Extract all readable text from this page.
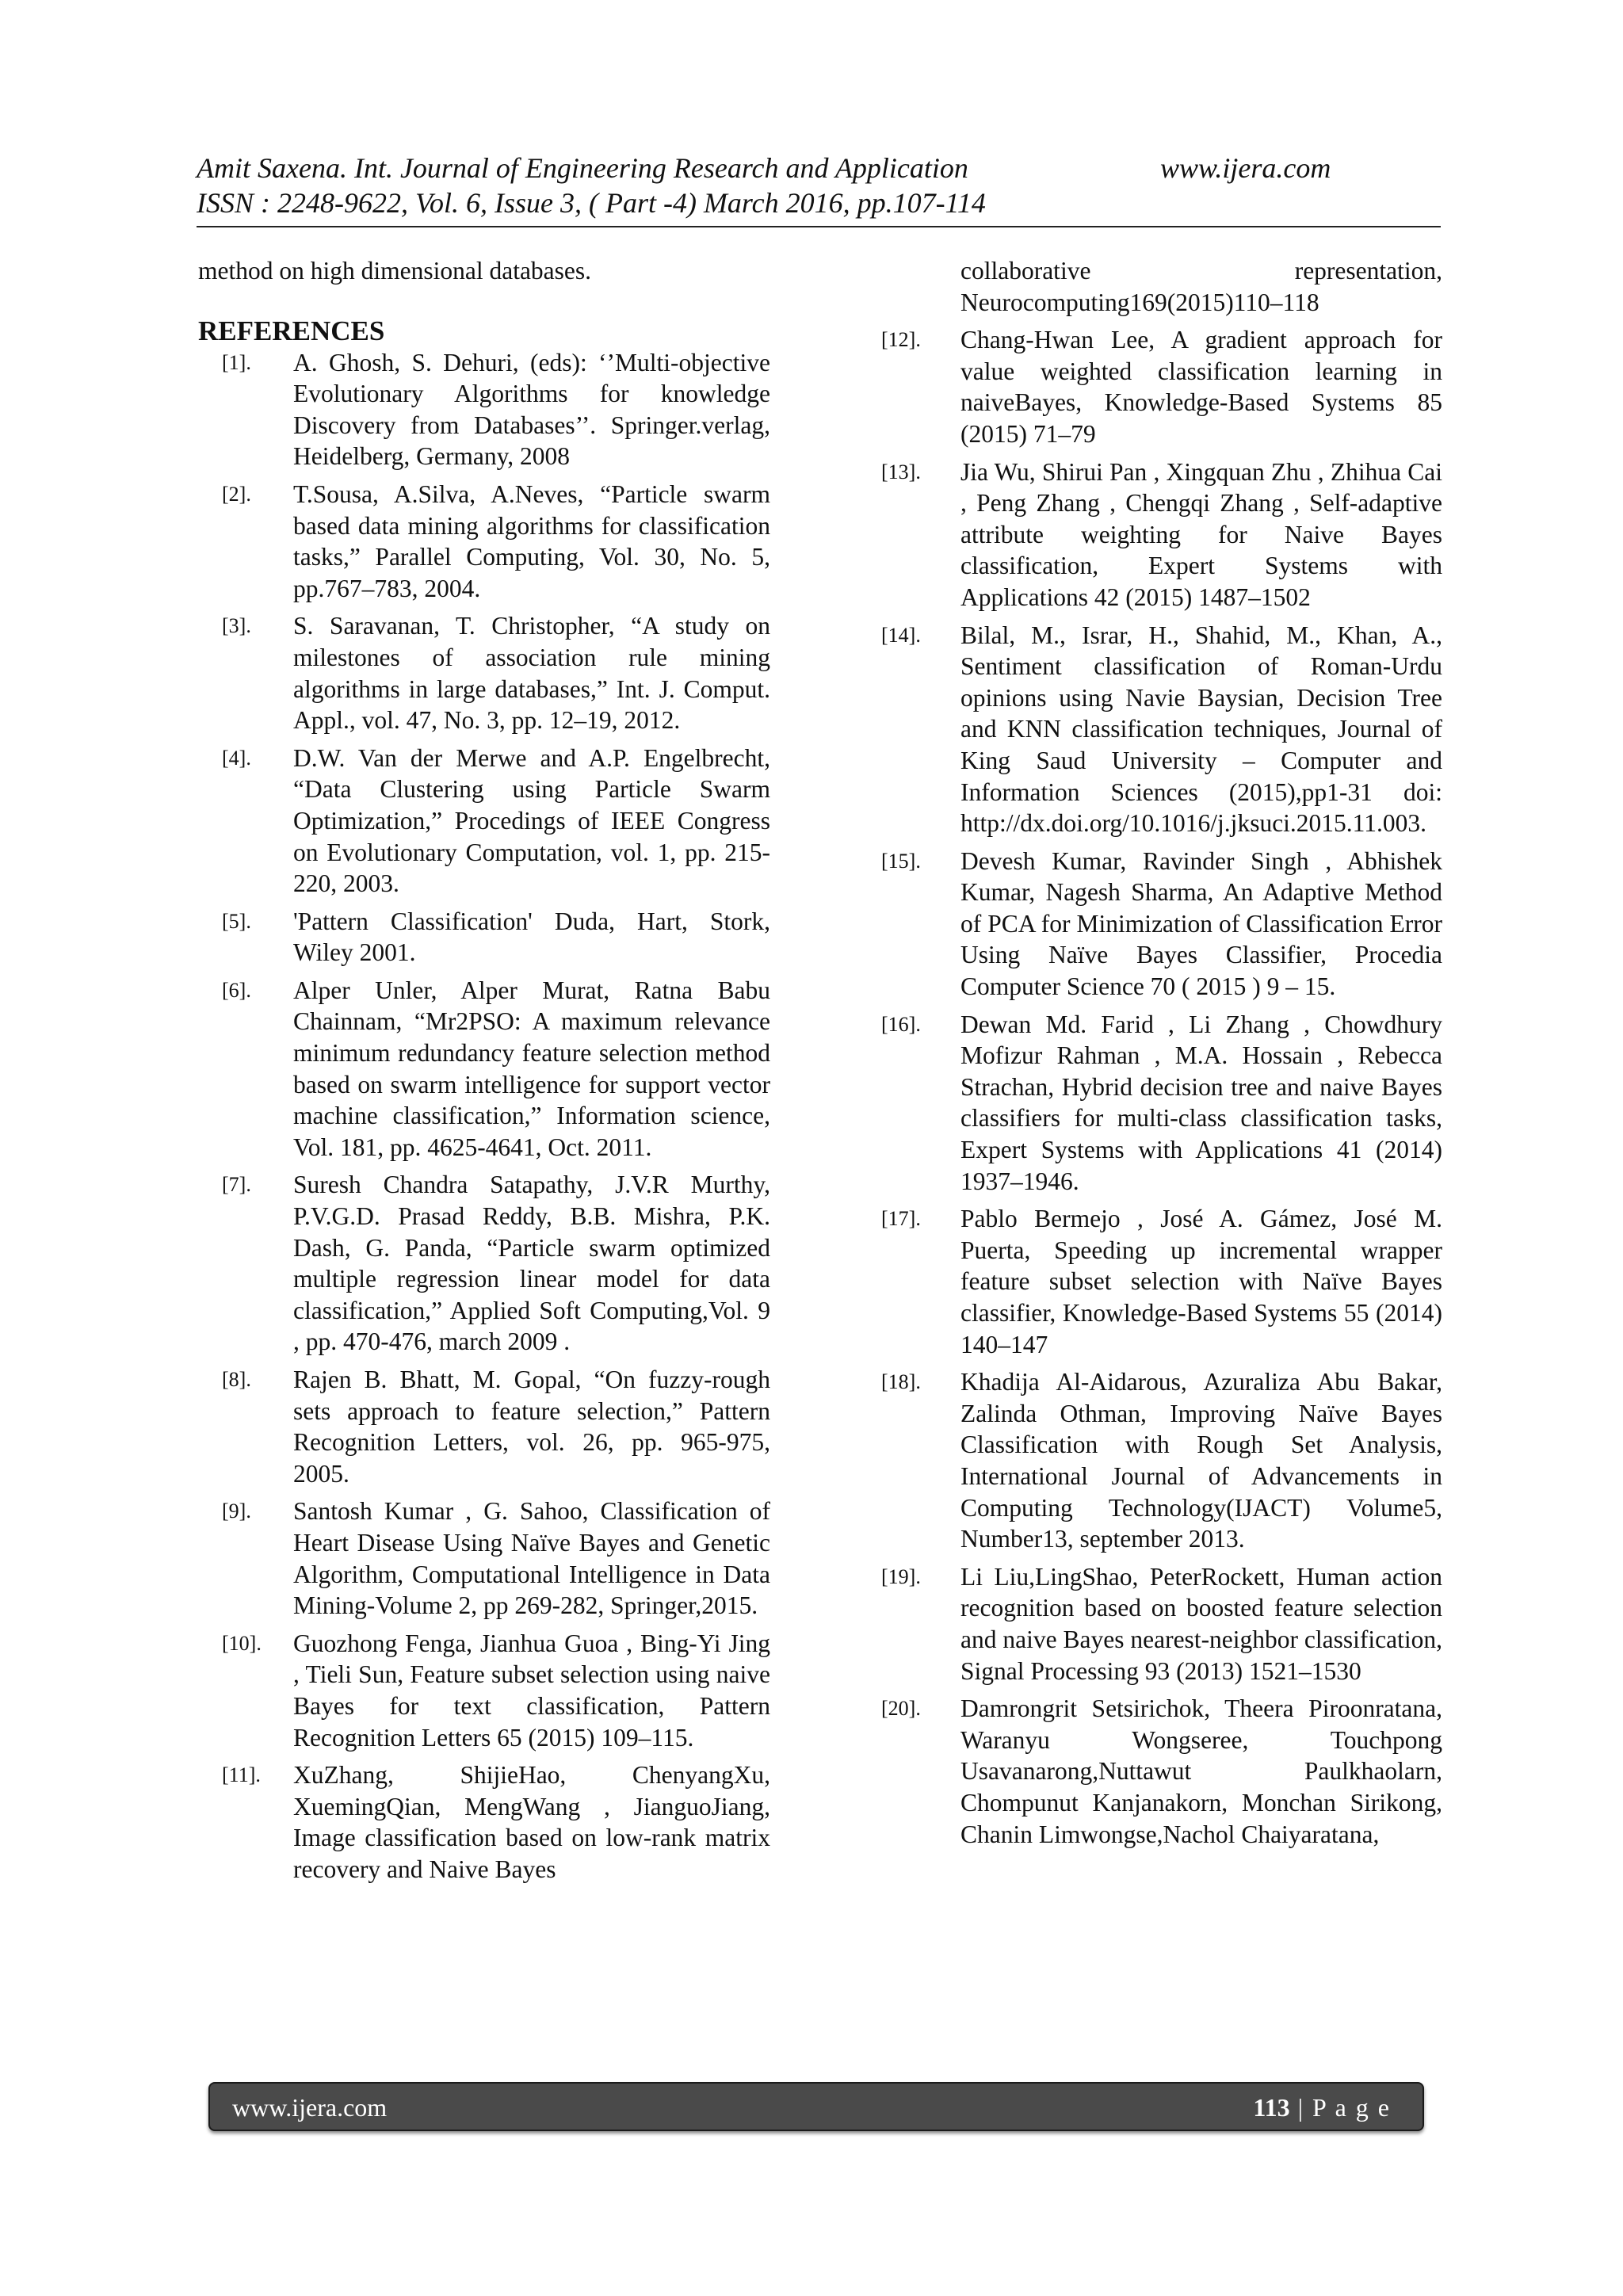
Amit Saxena. Int. Journal of Engineering Research and Application	www.ijera.com
ISSN : 2248-9622, Vol. 6, Issue 3, ( Part -4) March 2016, pp.107-114

method on high dimensional databases.

REFERENCES
[1].	A. Ghosh, S. Dehuri, (eds): ‘’Multi-objective Evolutionary Algorithms for knowledge Discovery from Databases’’. Springer.verlag, Heidelberg, Germany, 2008
[2].	T.Sousa, A.Silva, A.Neves, “Particle swarm based data mining algorithms for classification tasks,” Parallel Computing, Vol. 30, No. 5, pp.767–783, 2004.
[3].	S. Saravanan, T. Christopher, “A study on milestones of association rule mining algorithms in large databases,” Int. J. Comput. Appl., vol. 47, No. 3, pp. 12–19, 2012.
[4].	D.W. Van der Merwe and A.P. Engelbrecht, “Data Clustering using Particle Swarm Optimization,” Procedings of IEEE Congress on Evolutionary Computation, vol. 1, pp. 215-220, 2003.
[5].	'Pattern Classification' Duda, Hart, Stork, Wiley 2001.
[6].	Alper Unler, Alper Murat, Ratna Babu Chainnam, “Mr2PSO: A maximum relevance minimum redundancy feature selection method based on swarm intelligence for support vector machine classification,” Information science, Vol. 181, pp. 4625-4641, Oct. 2011.
[7].	Suresh Chandra Satapathy, J.V.R Murthy, P.V.G.D. Prasad Reddy, B.B. Mishra, P.K. Dash, G. Panda, “Particle swarm optimized multiple regression linear model for data classification,” Applied Soft Computing,Vol. 9 , pp. 470-476, march 2009 .
[8].	Rajen B. Bhatt, M. Gopal, “On fuzzy-rough sets approach to feature selection,” Pattern Recognition Letters, vol. 26, pp. 965-975, 2005.
[9].	Santosh Kumar , G. Sahoo, Classification of Heart Disease Using Naïve Bayes and Genetic Algorithm, Computational Intelligence in Data Mining-Volume 2, pp 269-282, Springer,2015.
[10].	Guozhong Fenga, Jianhua Guoa , Bing-Yi Jing , Tieli Sun, Feature subset selection using naive Bayes for text classification, Pattern Recognition Letters 65 (2015) 109–115.
[11].	XuZhang, ShijieHao, ChenyangXu, XuemingQian, MengWang , JianguoJiang, Image classification based on low-rank matrix recovery and Naive Bayes
collaborative representation, Neurocomputing169(2015)110–118
[12].	Chang-Hwan Lee, A gradient approach for value weighted classification learning in naiveBayes, Knowledge-Based Systems 85 (2015) 71–79
[13].	Jia Wu, Shirui Pan , Xingquan Zhu , Zhihua Cai , Peng Zhang , Chengqi Zhang , Self-adaptive attribute weighting for Naive Bayes classification, Expert Systems with Applications 42 (2015) 1487–1502
[14].	Bilal, M., Israr, H., Shahid, M., Khan, A., Sentiment classification of Roman-Urdu opinions using Navie Baysian, Decision Tree and KNN classification techniques, Journal of King Saud University – Computer and Information Sciences (2015),pp1-31 doi: http://dx.doi.org/10.1016/j.jksuci.2015.11.003.
[15].	Devesh Kumar, Ravinder Singh , Abhishek Kumar, Nagesh Sharma, An Adaptive Method of PCA for Minimization of Classification Error Using Naïve Bayes Classifier, Procedia Computer Science 70 ( 2015 ) 9 – 15.
[16].	Dewan Md. Farid , Li Zhang , Chowdhury Mofizur Rahman , M.A. Hossain , Rebecca Strachan, Hybrid decision tree and naive Bayes classifiers for multi-class classification tasks, Expert Systems with Applications 41 (2014) 1937–1946.
[17].	Pablo Bermejo , José A. Gámez, José M. Puerta, Speeding up incremental wrapper feature subset selection with Naïve Bayes classifier, Knowledge-Based Systems 55 (2014) 140–147
[18].	Khadija Al-Aidarous, Azuraliza Abu Bakar, Zalinda Othman, Improving Naïve Bayes Classification with Rough Set Analysis, International Journal of Advancements in Computing Technology(IJACT) Volume5, Number13, september 2013.
[19].	Li Liu,LingShao, PeterRockett, Human action recognition based on boosted feature selection and naive Bayes nearest-neighbor classification, Signal Processing 93 (2013) 1521–1530
[20].	Damrongrit Setsirichok, Theera Piroonratana, Waranyu Wongseree, Touchpong Usavanarong,Nuttawut Paulkhaolarn, Chompunut Kanjanakorn, Monchan Sirikong, Chanin Limwongse,Nachol Chaiyaratana,
www.ijera.com	113 | P a g e
